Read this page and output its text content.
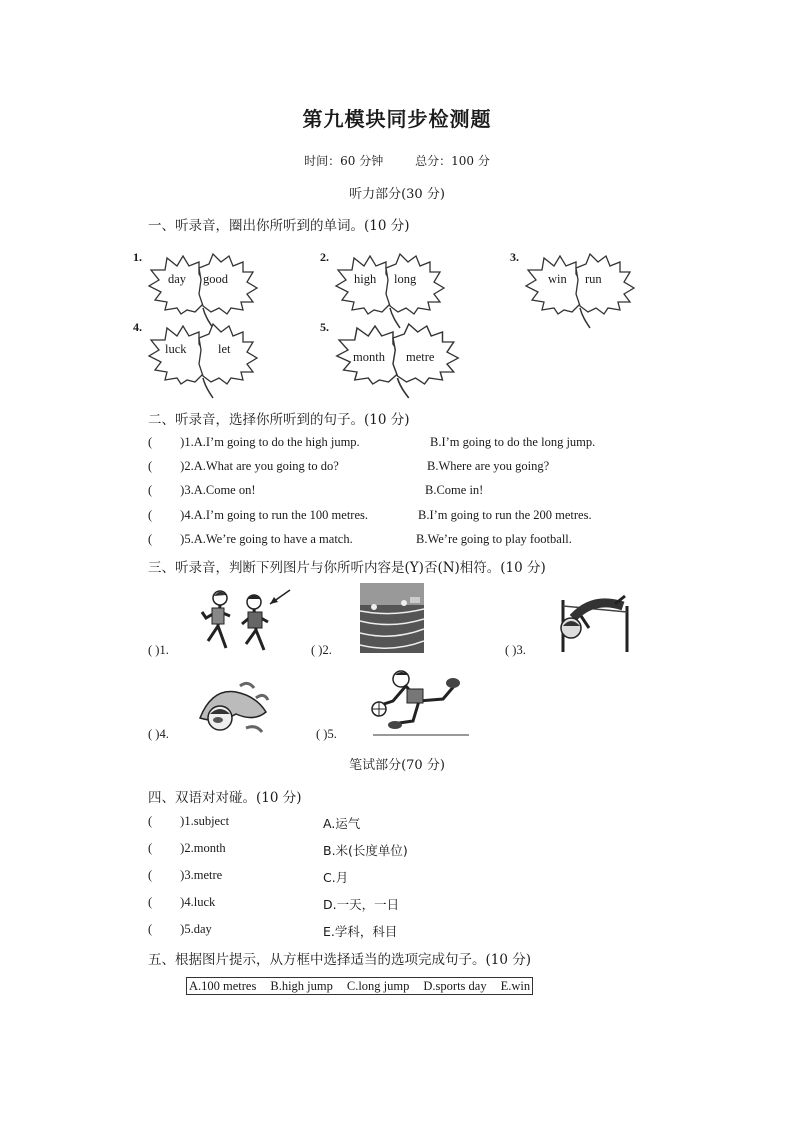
第九模块同步检测题
时间：60 分钟	总分：100 分
听力部分(30 分)
一、听录音，圈出你所听到的单词。(10 分)
1.
day good
2.
high long
3.
win run
4.
luck	let
5.
month metre
二、听录音，选择你所听到的句子。(10 分)
( )1.A.I’m going to do the high jump.	B.I’m going to do the long jump.
( )2.A.What are you going to do?	B.Where are you going?
( )3.A.Come on!	B.Come in!
( )4.A.I’m going to run the 100 metres.	B.I’m going to run the 200 metres.
( )5.A.We’re going to have a match.	B.We’re going to play football.
三、听录音，判断下列图片与你所听内容是(Y)否(N)相符。(10 分)
( )1.	( )2.	( )3.
( )4.	( )5.
笔试部分(70 分)
四、双语对对碰。(10 分)
( )1.subject	A.运气
( )2.month	B.米(长度单位)
( )3.metre	C.月
( )4.luck	D.一天，一日
( )5.day	E.学科，科目
五、根据图片提示，从方框中选择适当的选项完成句子。(10 分)
A.100 metres B.high jump C.long jump D.sports day E.win
